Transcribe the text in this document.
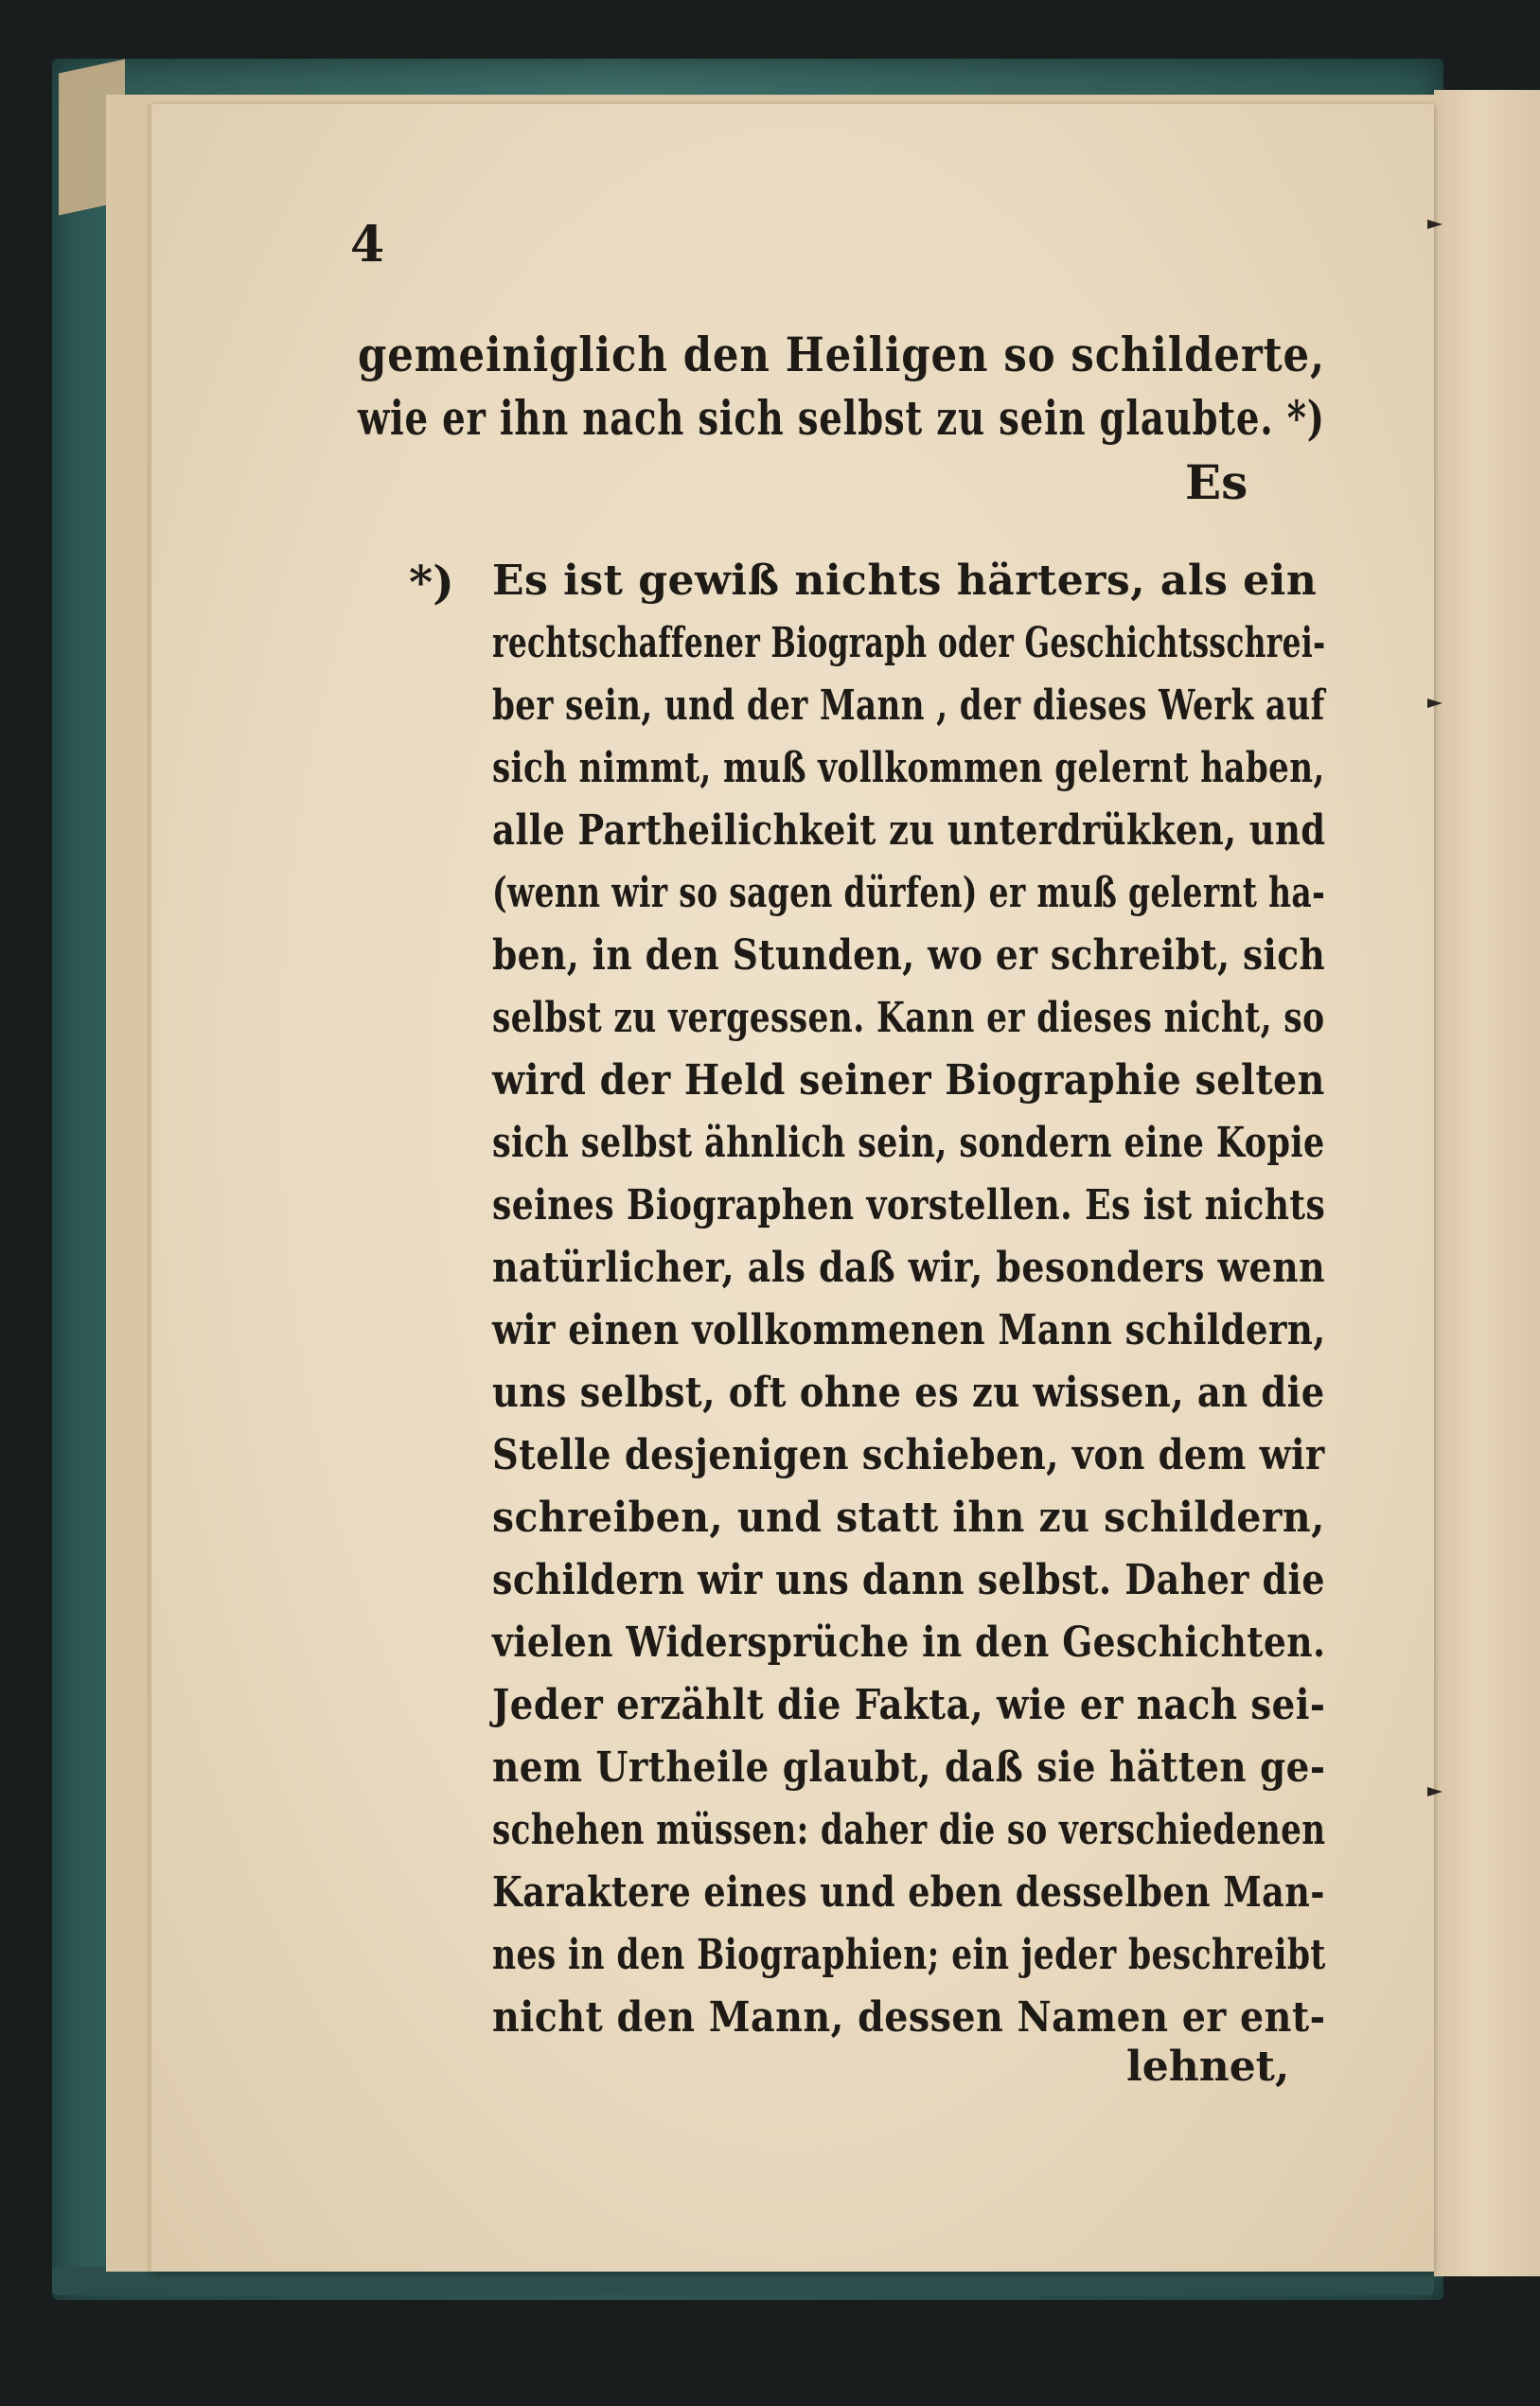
4
gemeiniglich den Heiligen so schilderte,
wie er ihn nach sich selbst zu sein glaubte. *)
Es
*) Es ist gewiß nichts härters, als ein
rechtschaffener Biograph oder Geschichtsschrei-
ber sein, und der Mann , der dieses Werk auf
sich nimmt, muß vollkommen gelernt haben,
alle Partheilichkeit zu unterdrükken, und
(wenn wir so sagen dürfen) er muß gelernt ha-
ben, in den Stunden, wo er schreibt, sich
selbst zu vergessen. Kann er dieses nicht, so
wird der Held seiner Biographie selten
sich selbst ähnlich sein, sondern eine Kopie
seines Biographen vorstellen. Es ist nichts
natürlicher, als daß wir, besonders wenn
wir einen vollkommenen Mann schildern,
uns selbst, oft ohne es zu wissen, an die
Stelle desjenigen schieben, von dem wir
schreiben, und statt ihn zu schildern,
schildern wir uns dann selbst. Daher die
vielen Widersprüche in den Geschichten.
Jeder erzählt die Fakta, wie er nach sei-
nem Urtheile glaubt, daß sie hätten ge-
schehen müssen: daher die so verschiedenen
Karaktere eines und eben desselben Man-
nes in den Biographien; ein jeder beschreibt
nicht den Mann, dessen Namen er ent-
lehnet,
